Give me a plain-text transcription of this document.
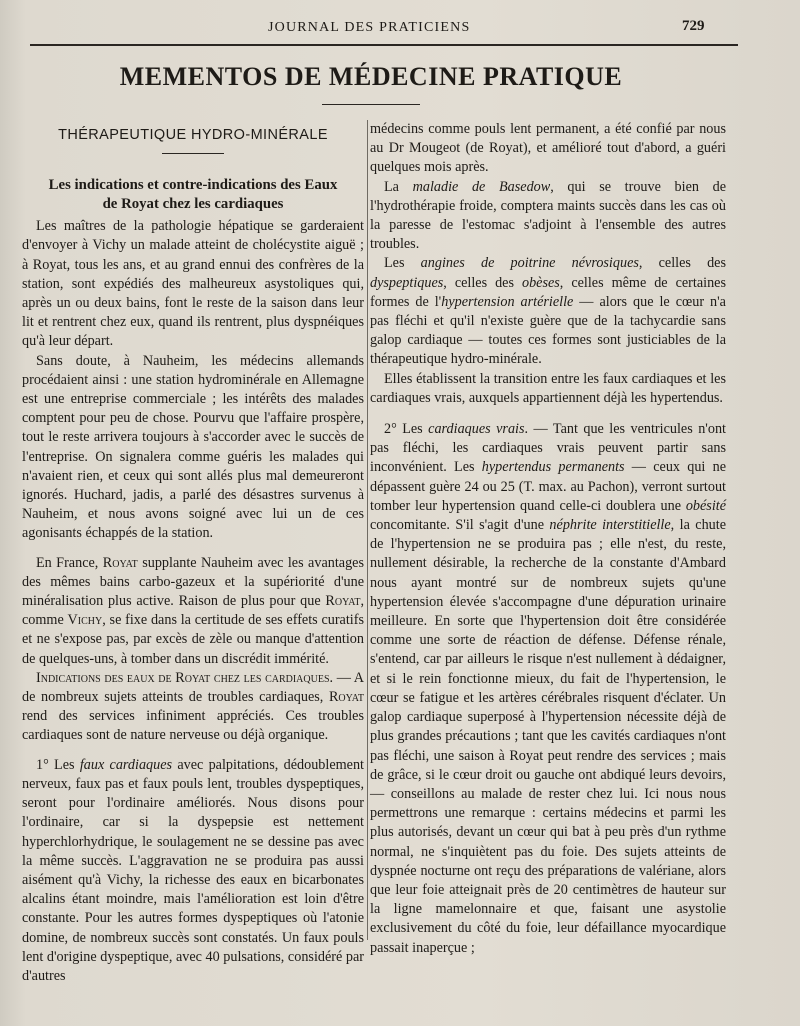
JOURNAL DES PRATICIENS	729
MEMENTOS DE MÉDECINE PRATIQUE
THÉRAPEUTIQUE HYDRO-MINÉRALE
Les indications et contre-indications des Eaux
de Royat chez les cardiaques

Les maîtres de la pathologie hépatique se garderaient d'envoyer à Vichy un malade atteint de cholécystite aiguë ; à Royat, tous les ans, et au grand ennui des confrères de la station, sont expédiés des malheureux asystoliques qui, après un ou deux bains, font le reste de la saison dans leur lit et rentrent chez eux, quand ils rentrent, plus dyspnéiques qu'à leur départ.

Sans doute, à Nauheim, les médecins allemands procédaient ainsi : une station hydrominérale en Allemagne est une entreprise commerciale ; les intérêts des malades comptent pour peu de chose. Pourvu que l'affaire prospère, tout le reste arrivera toujours à s'accorder avec le succès de l'entreprise. On signalera comme guéris les malades qui n'avaient rien, et ceux qui sont allés plus mal demeureront ignorés. Huchard, jadis, a parlé des désastres survenus à Nauheim, et nous avons soigné avec lui un de ces agonisants échappés de la station.

En France, Royat supplante Nauheim avec les avantages des mêmes bains carbo-gazeux et la supériorité d'une minéralisation plus active. Raison de plus pour que Royat, comme Vichy, se fixe dans la certitude de ses effets curatifs et ne s'expose pas, par excès de zèle ou manque d'attention de quelques-uns, à tomber dans un discrédit immérité.

Indications des eaux de Royat chez les cardiaques. — A de nombreux sujets atteints de troubles cardiaques, Royat rend des services infiniment appréciés. Ces troubles cardiaques sont de nature nerveuse ou déjà organique.

1° Les faux cardiaques avec palpitations, dédoublement nerveux, faux pas et faux pouls lent, troubles dyspeptiques, seront pour l'ordinaire améliorés. Nous disons pour l'ordinaire, car si la dyspepsie est nettement hyperchlorhydrique, le soulagement ne se dessine pas avec la même succès. L'aggravation ne se produira pas aussi aisément qu'à Vichy, la richesse des eaux en bicarbonates alcalins étant moindre, mais l'amélioration est loin d'être constante. Pour les autres formes dyspeptiques où l'atonie domine, de nombreux succès sont constatés. Un faux pouls lent d'origine dyspeptique, avec 40 pulsations, considéré par d'autres

médecins comme pouls lent permanent, a été confié par nous au Dr Mougeot (de Royat), et amélioré tout d'abord, a guéri quelques mois après.

La maladie de Basedow, qui se trouve bien de l'hydrothérapie froide, comptera maints succès dans les cas où la paresse de l'estomac s'adjoint à l'ensemble des autres troubles.

Les angines de poitrine névrosiques, celles des dyspeptiques, celles des obèses, celles même de certaines formes de l'hypertension artérielle — alors que le cœur n'a pas fléchi et qu'il n'existe guère que de la tachycardie sans galop cardiaque — toutes ces formes sont justiciables de la thérapeutique hydro-minérale.

Elles établissent la transition entre les faux cardiaques et les cardiaques vrais, auxquels appartiennent déjà les hypertendus.

2° Les cardiaques vrais. — Tant que les ventricules n'ont pas fléchi, les cardiaques vrais peuvent partir sans inconvénient. Les hypertendus permanents — ceux qui ne dépassent guère 24 ou 25 (T. max. au Pachon), verront surtout tomber leur hypertension quand celle-ci doublera une obésité concomitante. S'il s'agit d'une néphrite interstitielle, la chute de l'hypertension ne se produira pas ; elle n'est, du reste, nullement désirable, la recherche de la constante d'Ambard nous ayant montré sur de nombreux sujets qu'une hypertension élevée s'accompagne d'une dépuration urinaire meilleure. En sorte que l'hypertension doit être considérée comme une sorte de réaction de défense. Défense rénale, s'entend, car par ailleurs le risque n'est nullement à dédaigner, et si le rein fonctionne mieux, du fait de l'hypertension, le cœur se fatigue et les artères cérébrales risquent d'éclater. Un galop cardiaque superposé à l'hypertension nécessite déjà de plus grandes précautions ; tant que les cavités cardiaques n'ont pas fléchi, une saison à Royat peut rendre des services ; mais de grâce, si le cœur droit ou gauche ont abdiqué leurs devoirs, — conseillons au malade de rester chez lui. Ici nous nous permettrons une remarque : certains médecins et parmi les plus autorisés, devant un cœur qui bat à peu près d'un rythme normal, ne s'inquiètent pas du foie. Des sujets atteints de dyspnée nocturne ont reçu des préparations de valériane, alors que leur foie atteignait près de 20 centimètres de hauteur sur la ligne mamelonnaire et que, faisant une asystolie exclusivement du côté du foie, leur défaillance myocardique passait inaperçue ;
